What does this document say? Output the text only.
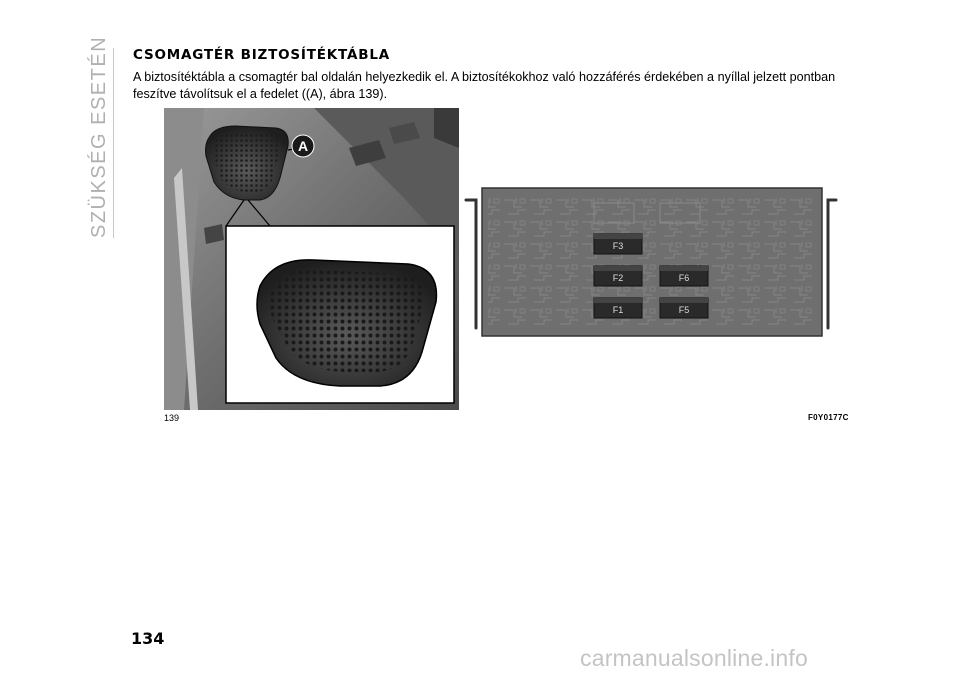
SZÜKSÉG ESETÉN CSOMAGTÉR BIZTOSÍTÉKTÁBLA
A biztosítéktábla a csomagtér bal oldalán helyezkedik el. A biztosítékokhoz való hozzáférés érdekében a nyíllal jelzett pontban feszítve távolítsuk el a fedelet ((A), ábra 139).
A
F3
F2	F6
F1	F5
139	F0Y0177C
134
carmanualsonline.info
